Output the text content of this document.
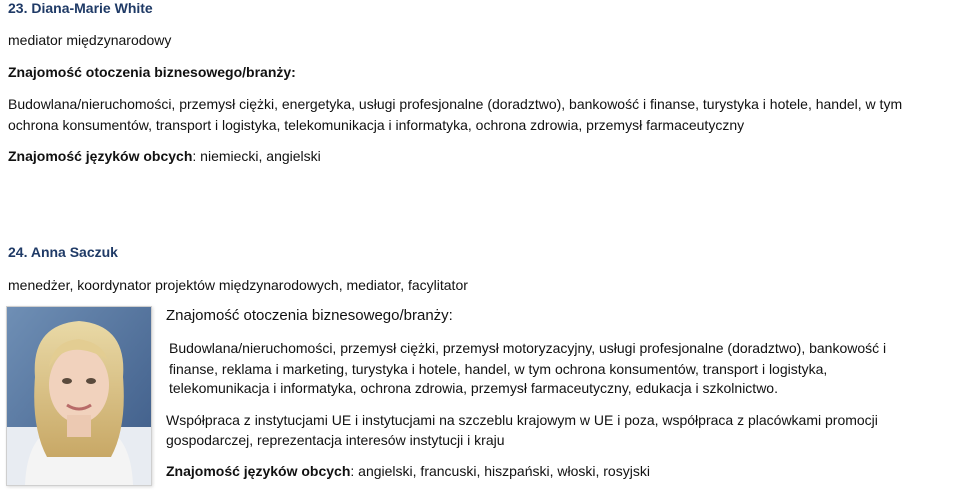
23. Diana-Marie White
mediator międzynarodowy
Znajomość otoczenia biznesowego/branży:
Budowlana/nieruchomości, przemysł ciężki, energetyka, usługi profesjonalne (doradztwo), bankowość i finanse, turystyka i hotele, handel, w tym
ochrona konsumentów, transport i logistyka, telekomunikacja i informatyka, ochrona zdrowia, przemysł farmaceutyczny
Znajomość języków obcych: niemiecki, angielski
24. Anna Saczuk
menedżer, koordynator projektów międzynarodowych, mediator, facylitator
Znajomość otoczenia biznesowego/branży:
Budowlana/nieruchomości, przemysł ciężki, przemysł motoryzacyjny, usługi profesjonalne (doradztwo), bankowość i
finanse, reklama i marketing, turystyka i hotele, handel, w tym ochrona konsumentów, transport i logistyka,
telekomunikacja i informatyka, ochrona zdrowia, przemysł farmaceutyczny, edukacja i szkolnictwo.
Współpraca z instytucjami UE i instytucjami na szczeblu krajowym w UE i poza, współpraca z placówkami promocji
gospodarczej, reprezentacja interesów instytucji i kraju
Znajomość języków obcych: angielski, francuski, hiszpański, włoski, rosyjski
